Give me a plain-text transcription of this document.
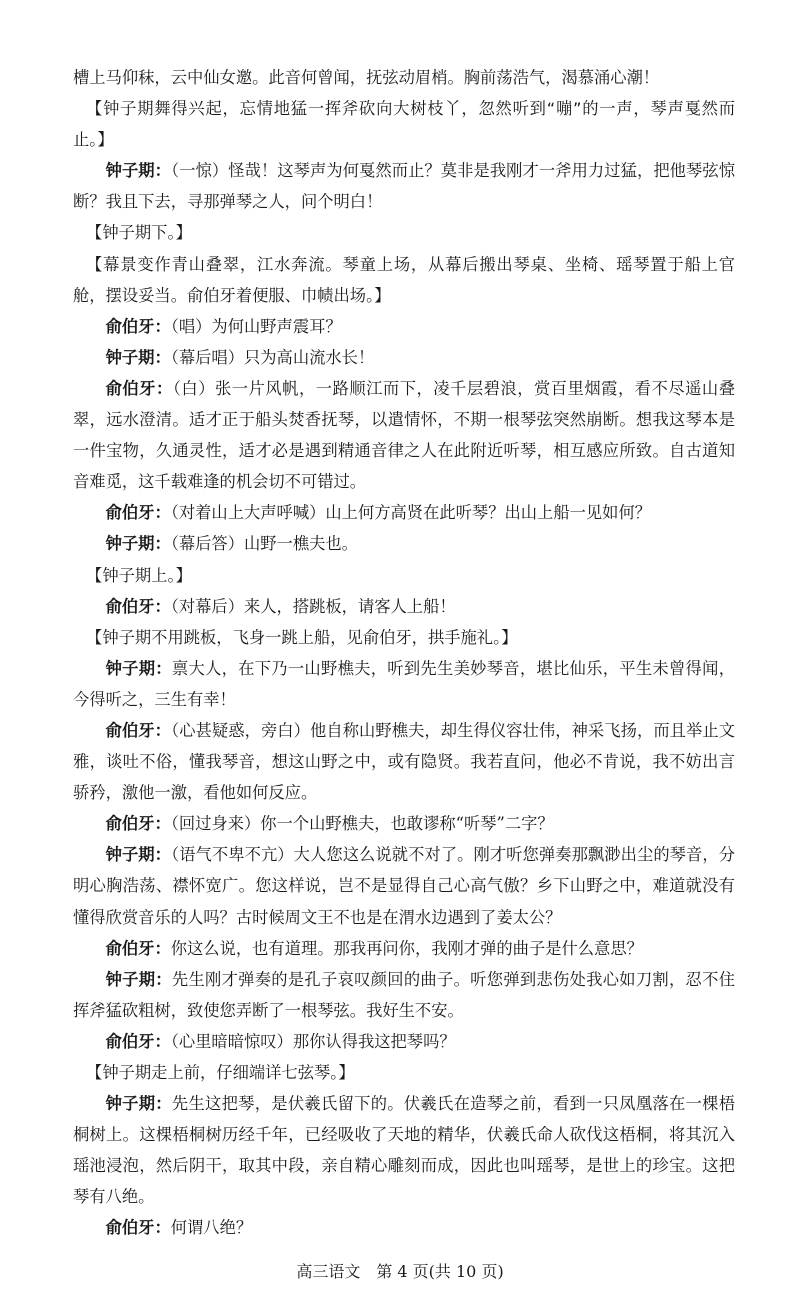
槽上马仰秣，云中仙女邀。此音何曾闻，抚弦动眉梢。胸前荡浩气，渴慕涌心潮！

【钟子期舞得兴起，忘情地猛一挥斧砍向大树枝丫，忽然听到“嘣”的一声，琴声戛然而止。】

钟子期：（一惊）怪哉！这琴声为何戛然而止？莫非是我刚才一斧用力过猛，把他琴弦惊断？我且下去，寻那弹琴之人，问个明白！

【钟子期下。】

【幕景变作青山叠翠，江水奔流。琴童上场，从幕后搬出琴桌、坐椅、瑶琴置于船上官舱，摆设妥当。俞伯牙着便服、巾帻出场。】

俞伯牙：（唱）为何山野声震耳？

钟子期：（幕后唱）只为高山流水长！

俞伯牙：（白）张一片风帆，一路顺江而下，凌千层碧浪，赏百里烟霞，看不尽遥山叠翠，远水澄清。适才正于船头焚香抚琴，以遣情怀，不期一根琴弦突然崩断。想我这琴本是一件宝物，久通灵性，适才必是遇到精通音律之人在此附近听琴，相互感应所致。自古道知音难觅，这千载难逢的机会切不可错过。

俞伯牙：（对着山上大声呼喊）山上何方高贤在此听琴？出山上船一见如何？

钟子期：（幕后答）山野一樵夫也。

【钟子期上。】

俞伯牙：（对幕后）来人，搭跳板，请客人上船！

【钟子期不用跳板，飞身一跳上船，见俞伯牙，拱手施礼。】

钟子期：禀大人，在下乃一山野樵夫，听到先生美妙琴音，堪比仙乐，平生未曾得闻，今得听之，三生有幸！

俞伯牙：（心甚疑惑，旁白）他自称山野樵夫，却生得仪容壮伟，神采飞扬，而且举止文雅，谈吐不俗，懂我琴音，想这山野之中，或有隐贤。我若直问，他必不肯说，我不妨出言骄矜，激他一激，看他如何反应。

俞伯牙：（回过身来）你一个山野樵夫，也敢谬称“听琴”二字？

钟子期：（语气不卑不亢）大人您这么说就不对了。刚才听您弹奏那飘渺出尘的琴音，分明心胸浩荡、襟怀宽广。您这样说，岂不是显得自己心高气傲？乡下山野之中，难道就没有懂得欣赏音乐的人吗？古时候周文王不也是在渭水边遇到了姜太公？

俞伯牙：你这么说，也有道理。那我再问你，我刚才弹的曲子是什么意思？

钟子期：先生刚才弹奏的是孔子哀叹颜回的曲子。听您弹到悲伤处我心如刀割，忍不住挥斧猛砍粗树，致使您弄断了一根琴弦。我好生不安。

俞伯牙：（心里暗暗惊叹）那你认得我这把琴吗？

【钟子期走上前，仔细端详七弦琴。】

钟子期：先生这把琴，是伏羲氏留下的。伏羲氏在造琴之前，看到一只凤凰落在一棵梧桐树上。这棵梧桐树历经千年，已经吸收了天地的精华，伏羲氏命人砍伐这梧桐，将其沉入瑶池浸泡，然后阴干，取其中段，亲自精心雕刻而成，因此也叫瑶琴，是世上的珍宝。这把琴有八绝。

俞伯牙：何谓八绝？

高三语文　第 4 页(共 10 页)
